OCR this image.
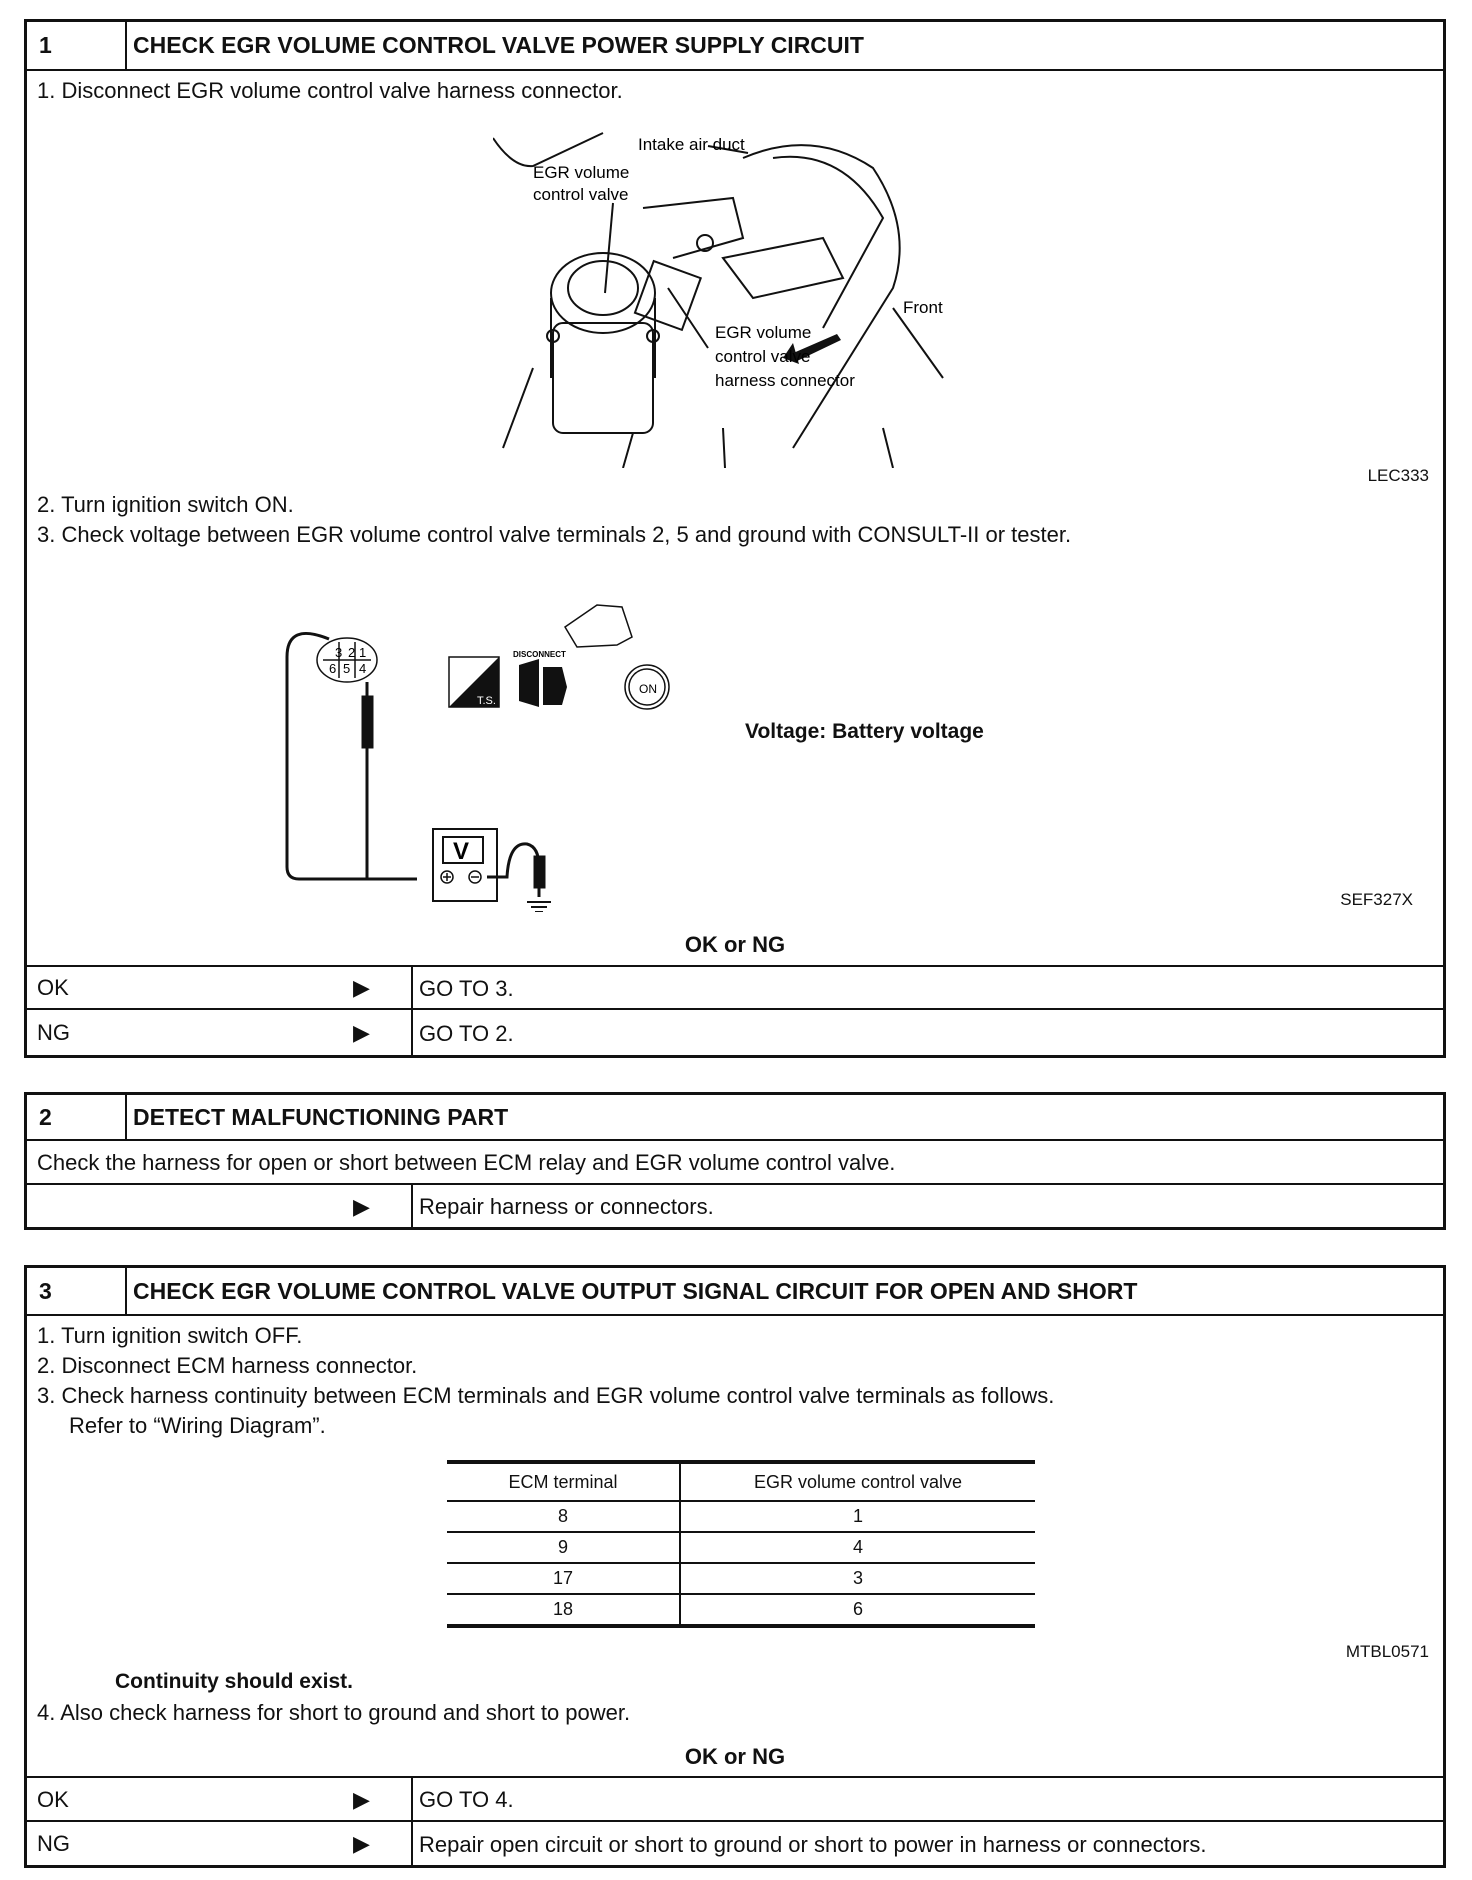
1	CHECK EGR VOLUME CONTROL VALVE POWER SUPPLY CIRCUIT
1. Disconnect EGR volume control valve harness connector.
Intake air duct
EGR volume
control valve
EGR volume
control valve
harness connector
Front
LEC333
2. Turn ignition switch ON.
3. Check voltage between EGR volume control valve terminals 2, 5 and ground with CONSULT-II or tester.
3 2 1
6 5 4
T.S.
DISCONNECT
ON
V
Voltage: Battery voltage
SEF327X
OK or NG
OK	▶	GO TO 3.
NG	▶	GO TO 2.
2	DETECT MALFUNCTIONING PART
Check the harness for open or short between ECM relay and EGR volume control valve.
▶	Repair harness or connectors.
3	CHECK EGR VOLUME CONTROL VALVE OUTPUT SIGNAL CIRCUIT FOR OPEN AND SHORT
1. Turn ignition switch OFF.
2. Disconnect ECM harness connector.
3. Check harness continuity between ECM terminals and EGR volume control valve terminals as follows.
Refer to “Wiring Diagram”.
ECM terminal	EGR volume control valve
8	1
9	4
17	3
18	6
MTBL0571
Continuity should exist.
4. Also check harness for short to ground and short to power.
OK or NG
OK	▶	GO TO 4.
NG	▶	Repair open circuit or short to ground or short to power in harness or connectors.
